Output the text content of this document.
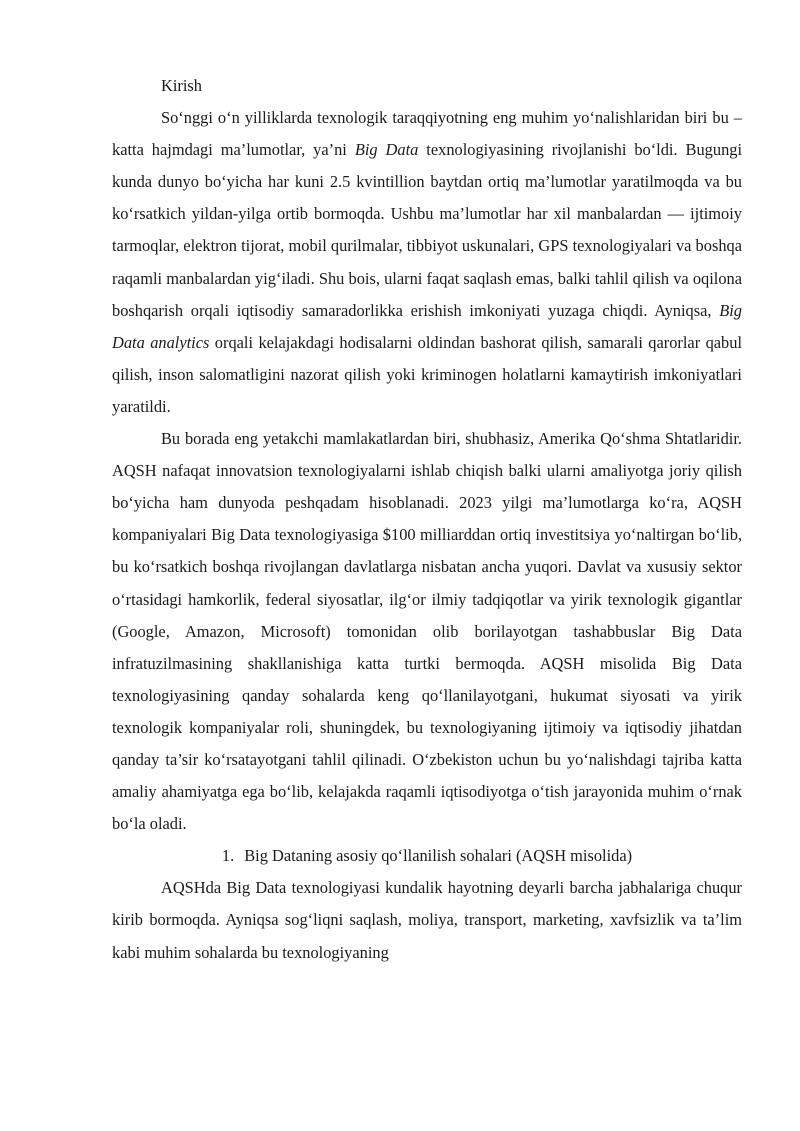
Kirish

So‘nggi o‘n yilliklarda texnologik taraqqiyotning eng muhim yo‘nalishlaridan biri bu – katta hajmdagi ma’lumotlar, ya’ni Big Data texnologiyasining rivojlanishi bo‘ldi. Bugungi kunda dunyo bo‘yicha har kuni 2.5 kvintillion baytdan ortiq ma’lumotlar yaratilmoqda va bu ko‘rsatkich yildan-yilga ortib bormoqda. Ushbu ma’lumotlar har xil manbalardan — ijtimoiy tarmoqlar, elektron tijorat, mobil qurilmalar, tibbiyot uskunalari, GPS texnologiyalari va boshqa raqamli manbalardan yig‘iladi. Shu bois, ularni faqat saqlash emas, balki tahlil qilish va oqilona boshqarish orqali iqtisodiy samaradorlikka erishish imkoniyati yuzaga chiqdi. Ayniqsa, Big Data analytics orqali kelajakdagi hodisalarni oldindan bashorat qilish, samarali qarorlar qabul qilish, inson salomatligini nazorat qilish yoki kriminogen holatlarni kamaytirish imkoniyatlari yaratildi.

Bu borada eng yetakchi mamlakatlardan biri, shubhasiz, Amerika Qo‘shma Shtatlaridir. AQSH nafaqat innovatsion texnologiyalarni ishlab chiqish balki ularni amaliyotga joriy qilish bo‘yicha ham dunyoda peshqadam hisoblanadi. 2023 yilgi ma’lumotlarga ko‘ra, AQSH kompaniyalari Big Data texnologiyasiga $100 milliarddan ortiq investitsiya yo‘naltirgan bo‘lib, bu ko‘rsatkich boshqa rivojlangan davlatlarga nisbatan ancha yuqori. Davlat va xususiy sektor o‘rtasidagi hamkorlik, federal siyosatlar, ilg‘or ilmiy tadqiqotlar va yirik texnologik gigantlar (Google, Amazon, Microsoft) tomonidan olib borilayotgan tashabbuslar Big Data infratuzilmasining shakllanishiga katta turtki bermoqda. AQSH misolida Big Data texnologiyasining qanday sohalarda keng qo‘llanilayotgani, hukumat siyosati va yirik texnologik kompaniyalar roli, shuningdek, bu texnologiyaning ijtimoiy va iqtisodiy jihatdan qanday ta’sir ko‘rsatayotgani tahlil qilinadi. O‘zbekiston uchun bu yo‘nalishdagi tajriba katta amaliy ahamiyatga ega bo‘lib, kelajakda raqamli iqtisodiyotga o‘tish jarayonida muhim o‘rnak bo‘la oladi.

1. Big Dataning asosiy qo‘llanilish sohalari (AQSH misolida)

AQSHda Big Data texnologiyasi kundalik hayotning deyarli barcha jabhalariga chuqur kirib bormoqda. Ayniqsa sog‘liqni saqlash, moliya, transport, marketing, xavfsizlik va ta’lim kabi muhim sohalarda bu texnologiyaning
